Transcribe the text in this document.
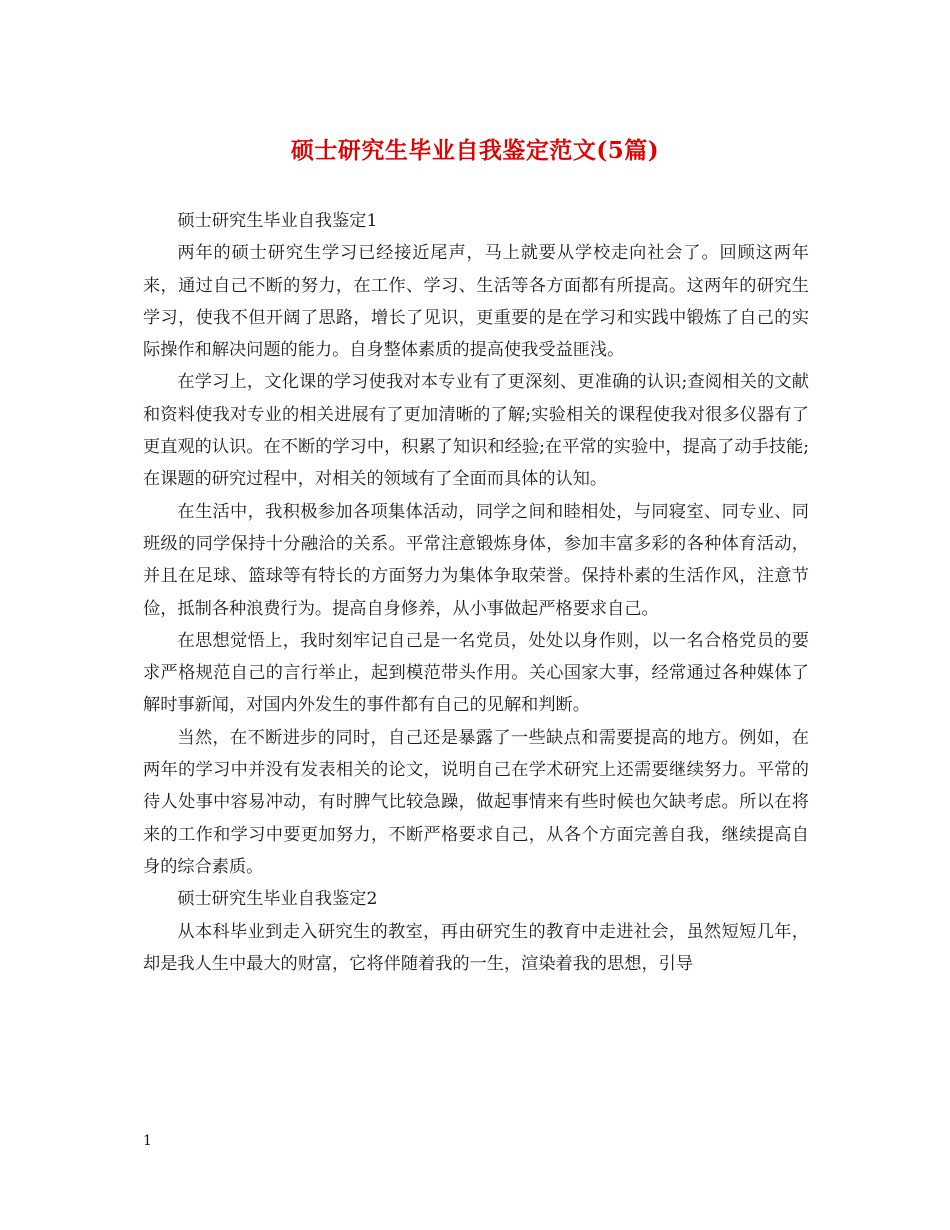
硕士研究生毕业自我鉴定范文(5篇)

硕士研究生毕业自我鉴定1

两年的硕士研究生学习已经接近尾声，马上就要从学校走向社会了。回顾这两年来，通过自己不断的努力，在工作、学习、生活等各方面都有所提高。这两年的研究生学习，使我不但开阔了思路，增长了见识，更重要的是在学习和实践中锻炼了自己的实际操作和解决问题的能力。自身整体素质的提高使我受益匪浅。

在学习上，文化课的学习使我对本专业有了更深刻、更准确的认识;查阅相关的文献和资料使我对专业的相关进展有了更加清晰的了解;实验相关的课程使我对很多仪器有了更直观的认识。在不断的学习中，积累了知识和经验;在平常的实验中，提高了动手技能;在课题的研究过程中，对相关的领域有了全面而具体的认知。

在生活中，我积极参加各项集体活动，同学之间和睦相处，与同寝室、同专业、同班级的同学保持十分融洽的关系。平常注意锻炼身体，参加丰富多彩的各种体育活动，并且在足球、篮球等有特长的方面努力为集体争取荣誉。保持朴素的生活作风，注意节俭，抵制各种浪费行为。提高自身修养，从小事做起严格要求自己。

在思想觉悟上，我时刻牢记自己是一名党员，处处以身作则，以一名合格党员的要求严格规范自己的言行举止，起到模范带头作用。关心国家大事，经常通过各种媒体了解时事新闻，对国内外发生的事件都有自己的见解和判断。

当然，在不断进步的同时，自己还是暴露了一些缺点和需要提高的地方。例如，在两年的学习中并没有发表相关的论文，说明自己在学术研究上还需要继续努力。平常的待人处事中容易冲动，有时脾气比较急躁，做起事情来有些时候也欠缺考虑。所以在将来的工作和学习中要更加努力，不断严格要求自己，从各个方面完善自我，继续提高自身的综合素质。

硕士研究生毕业自我鉴定2

从本科毕业到走入研究生的教室，再由研究生的教育中走进社会，虽然短短几年，却是我人生中最大的财富，它将伴随着我的一生，渲染着我的思想，引导

1
